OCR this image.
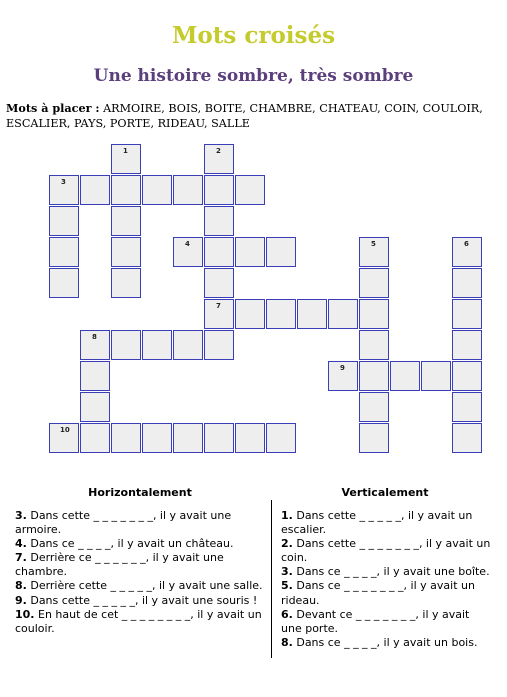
Mots croisés
Une histoire sombre, très sombre
Mots à placer : ARMOIRE, BOIS, BOITE, CHAMBRE, CHATEAU, COIN, COULOIR, ESCALIER, PAYS, PORTE, RIDEAU, SALLE
1	2
3
4	5	6
7
8
9
10
Horizontalement	Verticalement
3. Dans cette _ _ _ _ _ _ _, il y avait une armoire.
4. Dans ce _ _ _ _, il y avait un château.
7. Derrière ce _ _ _ _ _ _, il y avait une chambre.
8. Derrière cette _ _ _ _ _, il y avait une salle.
9. Dans cette _ _ _ _ _, il y avait une souris !
10. En haut de cet _ _ _ _ _ _ _ _, il y avait un couloir.
1. Dans cette _ _ _ _ _, il y avait un escalier.
2. Dans cette _ _ _ _ _ _ _, il y avait un coin.
3. Dans ce _ _ _ _, il y avait une boîte.
5. Dans ce _ _ _ _ _ _ _, il y avait un rideau.
6. Devant ce _ _ _ _ _ _ _, il y avait une porte.
8. Dans ce _ _ _ _, il y avait un bois.
